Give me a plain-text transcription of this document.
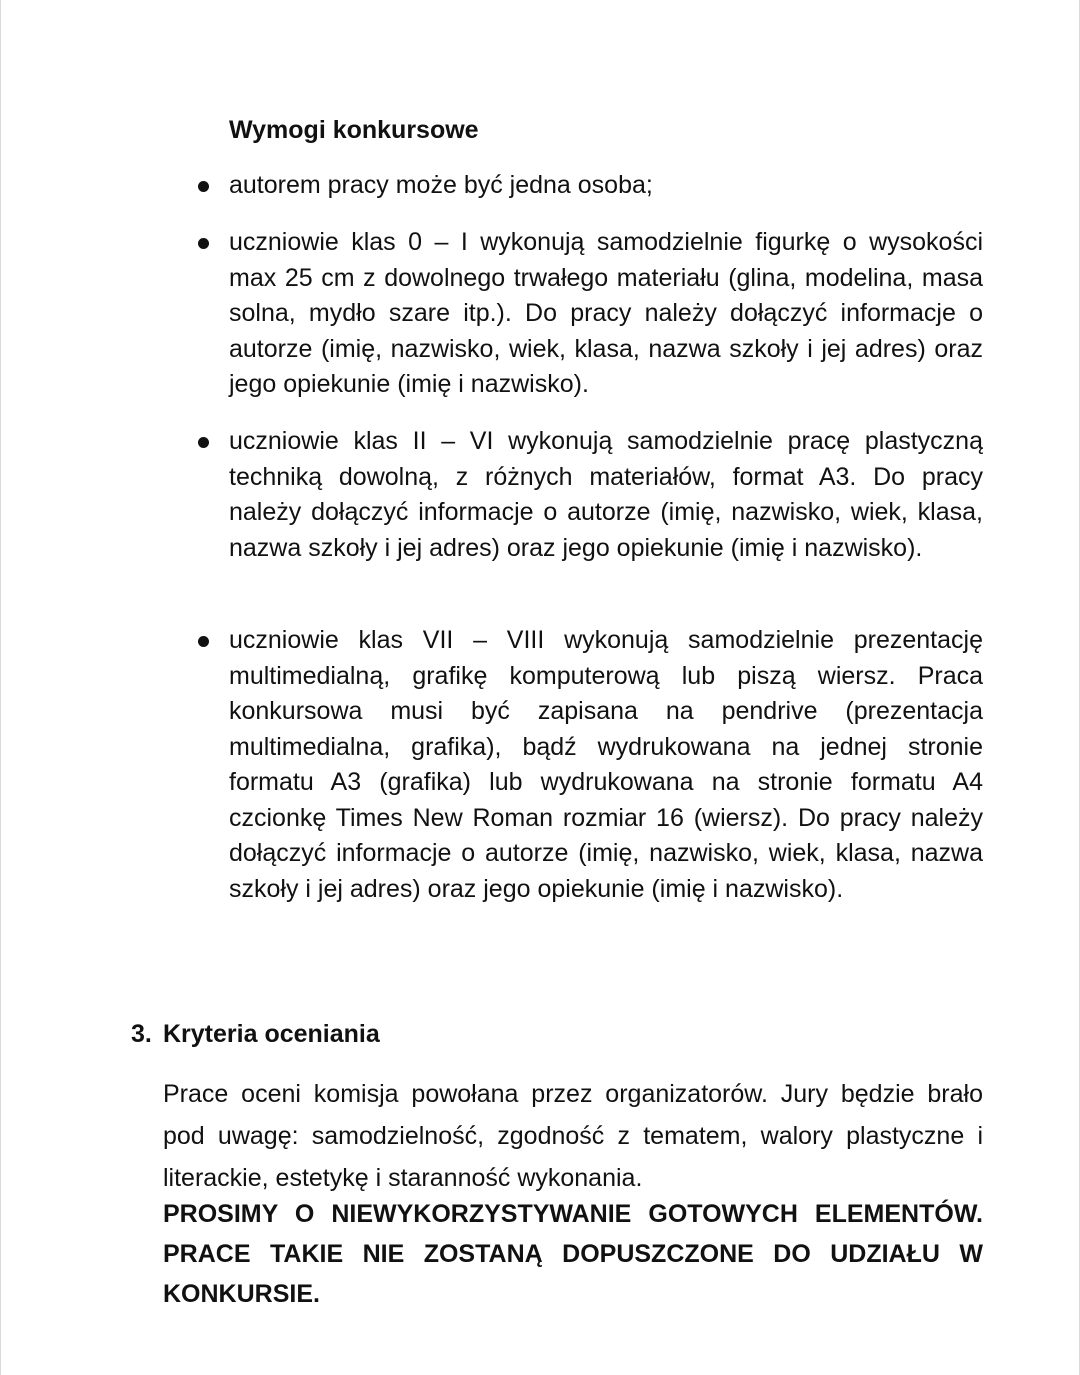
Wymogi konkursowe
autorem pracy może być jedna osoba;
uczniowie klas 0 – I wykonują samodzielnie figurkę o wysokości max 25 cm z dowolnego trwałego materiału (glina, modelina, masa solna, mydło szare itp.). Do pracy należy dołączyć informacje o autorze (imię, nazwisko, wiek, klasa, nazwa szkoły i jej adres) oraz jego opiekunie (imię i nazwisko).
uczniowie klas II – VI wykonują samodzielnie pracę plastyczną techniką dowolną, z różnych materiałów, format A3. Do pracy należy dołączyć informacje o autorze (imię, nazwisko, wiek, klasa, nazwa szkoły i jej adres) oraz jego opiekunie (imię i nazwisko).
uczniowie klas VII – VIII wykonują samodzielnie prezentację multimedialną, grafikę komputerową lub piszą wiersz. Praca konkursowa musi być zapisana na pendrive (prezentacja multimedialna, grafika), bądź wydrukowana na jednej stronie formatu A3 (grafika) lub wydrukowana na stronie formatu A4 czcionkę Times New Roman rozmiar 16 (wiersz). Do pracy należy dołączyć informacje o autorze (imię, nazwisko, wiek, klasa, nazwa szkoły i jej adres) oraz jego opiekunie (imię i nazwisko).
3. Kryteria oceniania

Prace oceni komisja powołana przez organizatorów. Jury będzie brało pod uwagę: samodzielność, zgodność z tematem, walory plastyczne i literackie, estetykę i staranność wykonania.

PROSIMY O NIEWYKORZYSTYWANIE GOTOWYCH ELEMENTÓW. PRACE TAKIE NIE ZOSTANĄ DOPUSZCZONE DO UDZIAŁU W KONKURSIE.
